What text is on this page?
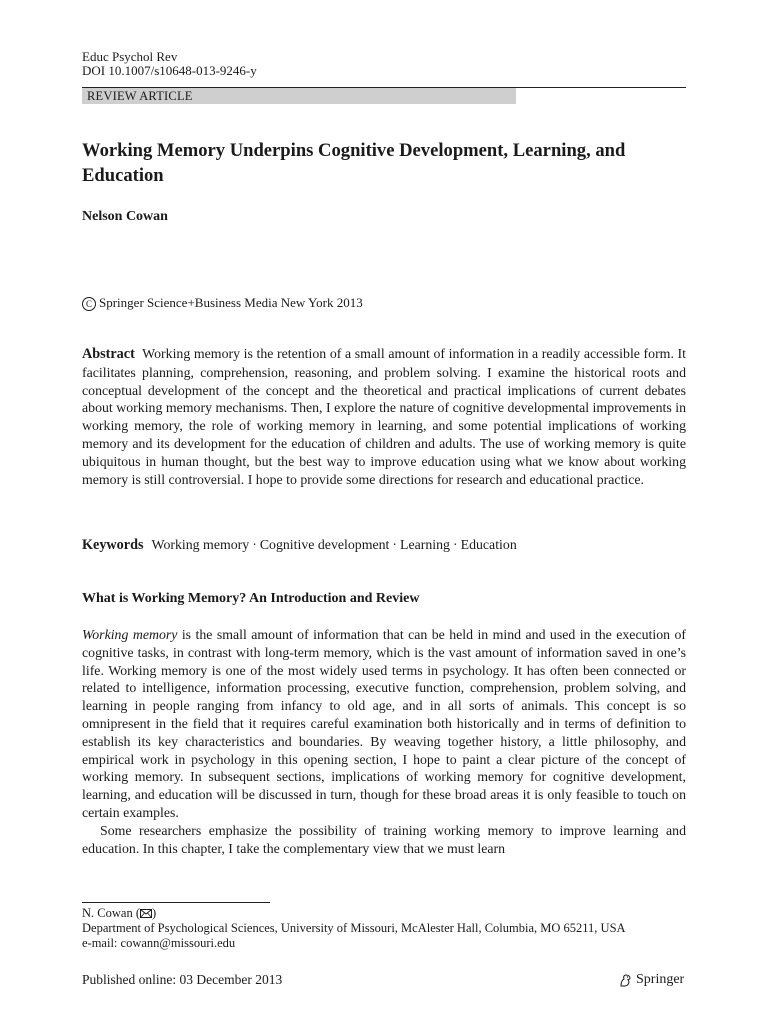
Educ Psychol Rev
DOI 10.1007/s10648-013-9246-y
REVIEW ARTICLE
Working Memory Underpins Cognitive Development, Learning, and Education
Nelson Cowan
C Springer Science+Business Media New York 2013
Abstract Working memory is the retention of a small amount of information in a readily accessible form. It facilitates planning, comprehension, reasoning, and problem solving. I examine the historical roots and conceptual development of the concept and the theoretical and practical implications of current debates about working memory mechanisms. Then, I explore the nature of cognitive developmental improvements in working memory, the role of working memory in learning, and some potential implications of working memory and its development for the education of children and adults. The use of working memory is quite ubiquitous in human thought, but the best way to improve education using what we know about working memory is still controversial. I hope to provide some directions for research and educational practice.
Keywords Working memory · Cognitive development · Learning · Education
What is Working Memory? An Introduction and Review

Working memory is the small amount of information that can be held in mind and used in the execution of cognitive tasks, in contrast with long-term memory, which is the vast amount of information saved in one’s life. Working memory is one of the most widely used terms in psychology. It has often been connected or related to intelligence, information processing, executive function, comprehension, problem solving, and learning in people ranging from infancy to old age, and in all sorts of animals. This concept is so omnipresent in the field that it requires careful examination both historically and in terms of definition to establish its key characteristics and boundaries. By weaving together history, a little philosophy, and empirical work in psychology in this opening section, I hope to paint a clear picture of the concept of working memory. In subsequent sections, implications of working memory for cognitive development, learning, and education will be discussed in turn, though for these broad areas it is only feasible to touch on certain examples.

Some researchers emphasize the possibility of training working memory to improve learning and education. In this chapter, I take the complementary view that we must learn

N. Cowan ( )
Department of Psychological Sciences, University of Missouri, McAlester Hall, Columbia, MO 65211, USA
e-mail: cowann@missouri.edu
Published online: 03 December 2013	Springer
